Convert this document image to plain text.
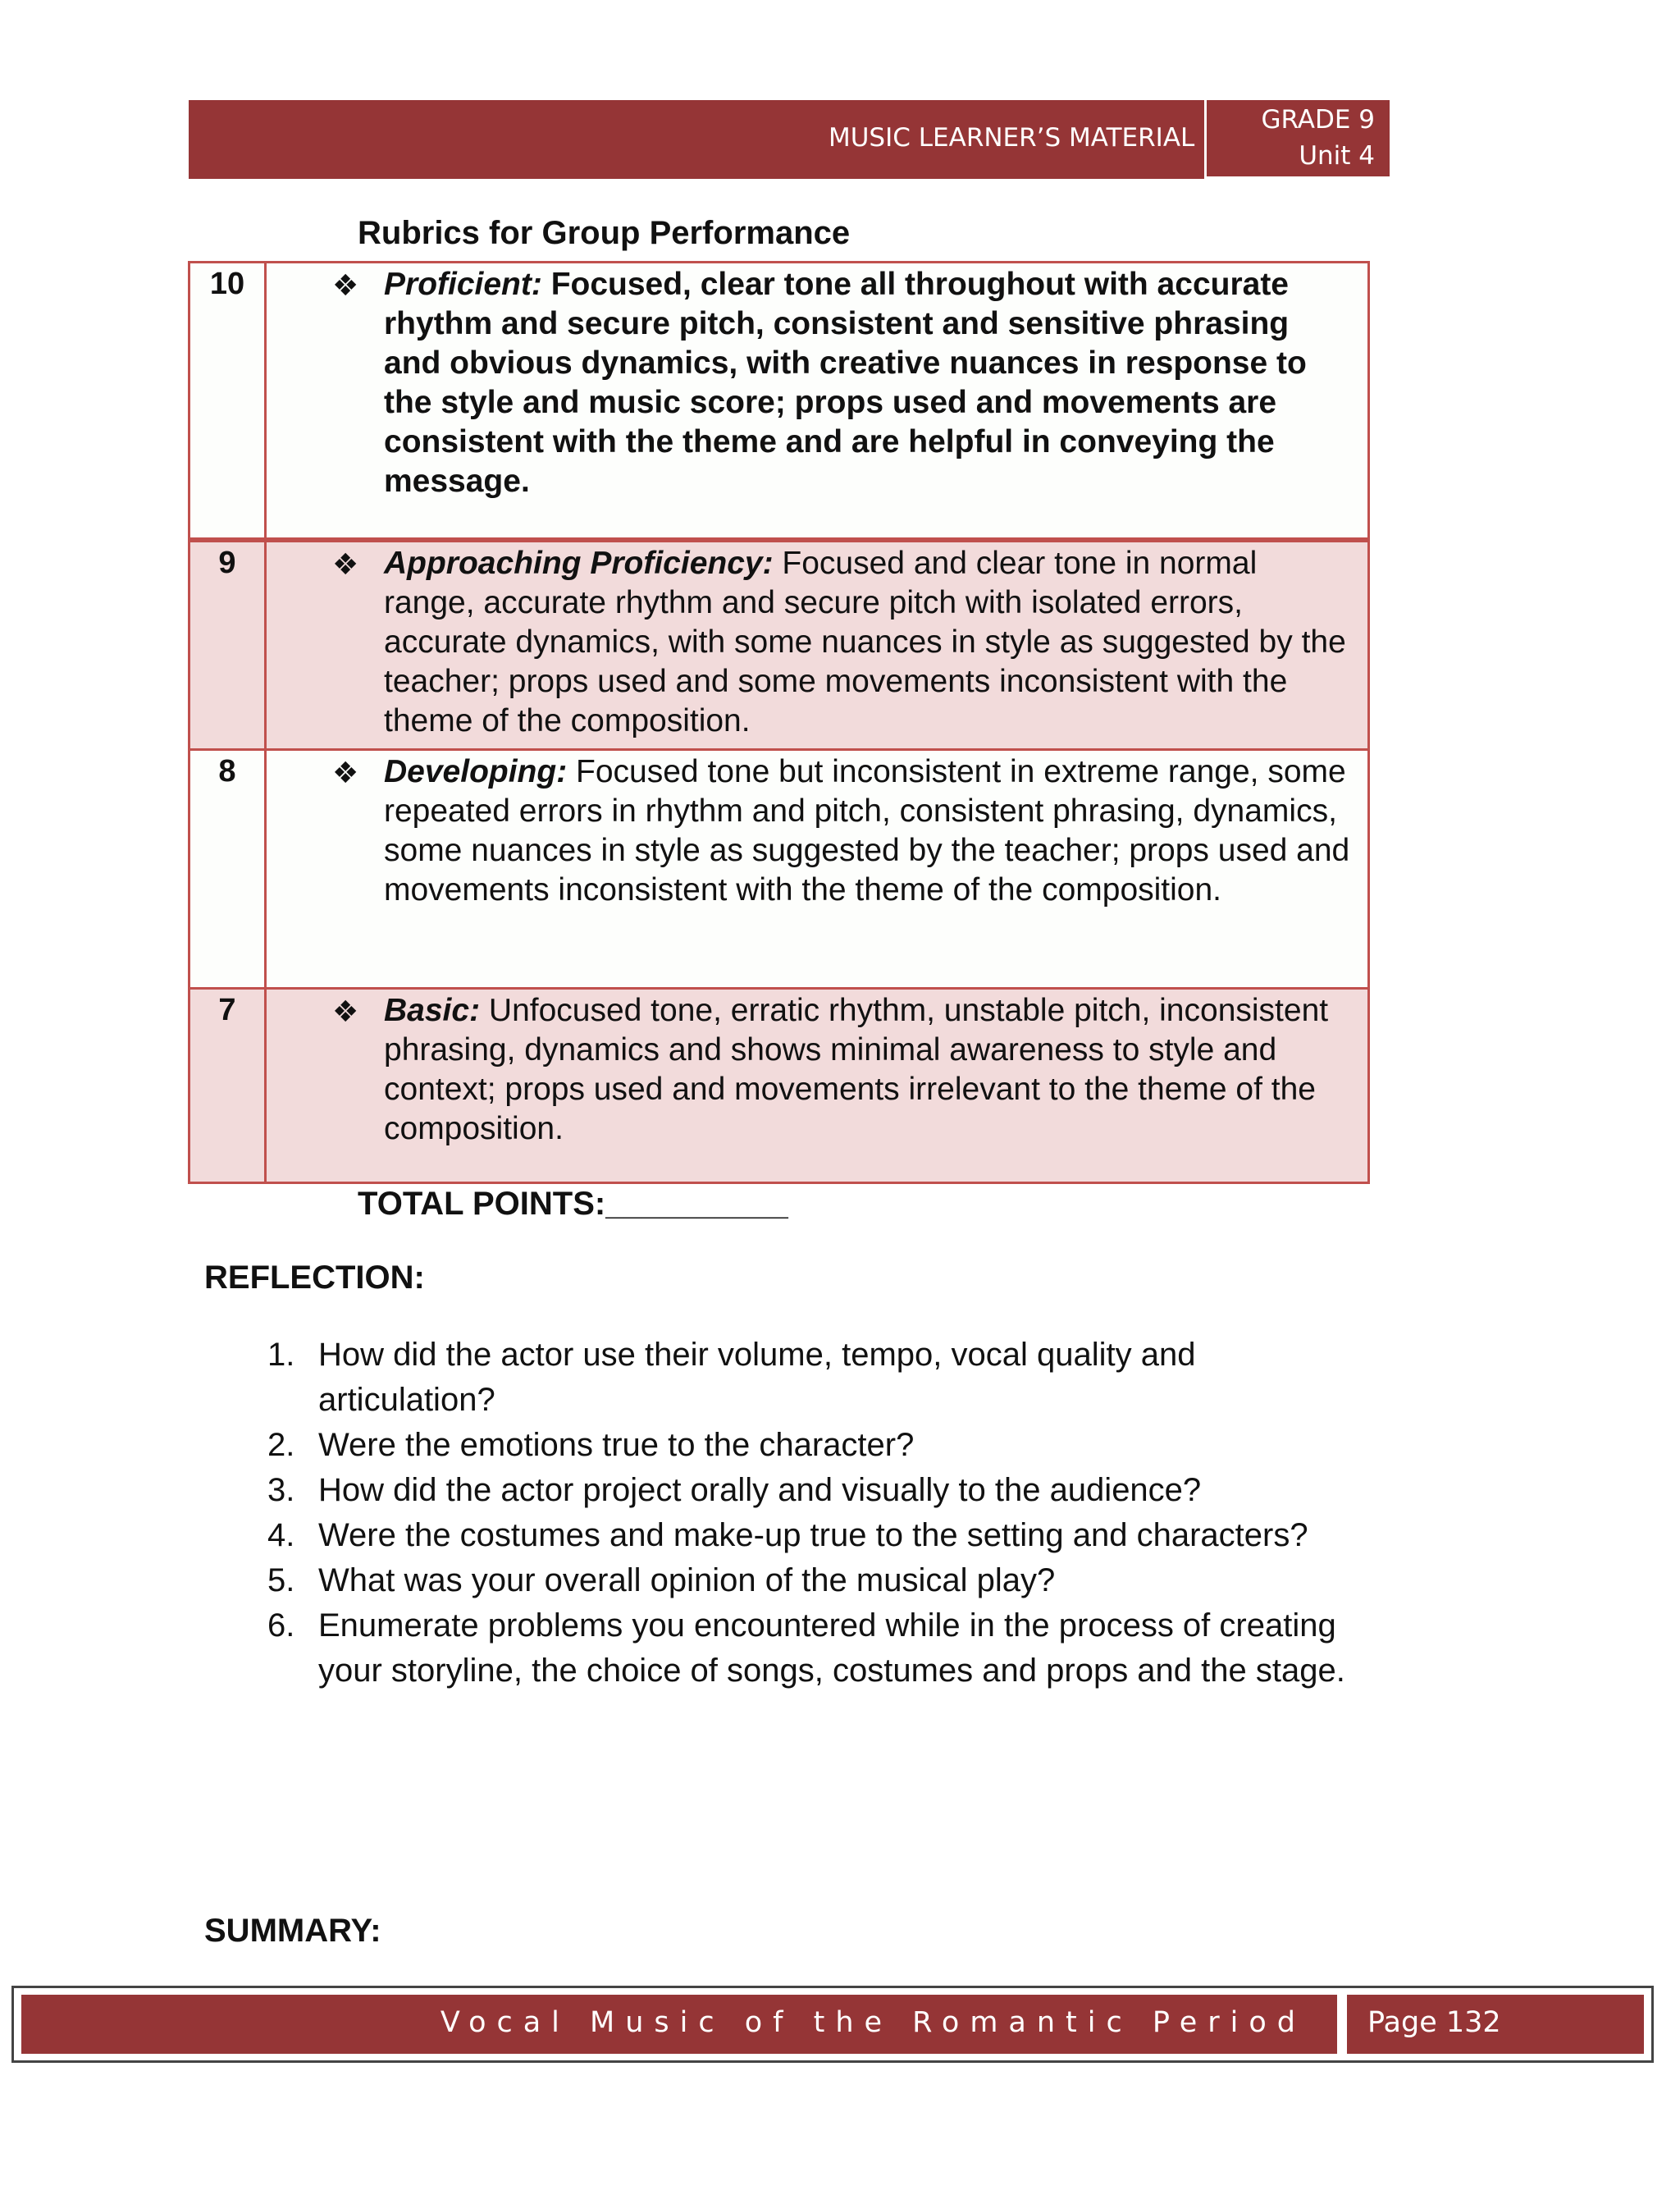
MUSIC LEARNER’S MATERIAL
GRADE 9
Unit 4
Rubrics for Group Performance
10	❖ Proficient: Focused, clear tone all throughout with accurate rhythm and secure pitch, consistent and sensitive phrasing and obvious dynamics, with creative nuances in response to the style and music score; props used and movements are consistent with the theme and are helpful in conveying the message.

9	❖ Approaching Proficiency: Focused and clear tone in normal range, accurate rhythm and secure pitch with isolated errors, accurate dynamics, with some nuances in style as suggested by the teacher; props used and some movements inconsistent with the theme of the composition.

8	❖ Developing: Focused tone but inconsistent in extreme range, some repeated errors in rhythm and pitch, consistent phrasing, dynamics, some nuances in style as suggested by the teacher; props used and movements inconsistent with the theme of the composition.

7	❖ Basic: Unfocused tone, erratic rhythm, unstable pitch, inconsistent phrasing, dynamics and shows minimal awareness to style and context; props used and movements irrelevant to the theme of the composition.
TOTAL POINTS:__________
REFLECTION:
1. How did the actor use their volume, tempo, vocal quality and articulation?
2. Were the emotions true to the character?
3. How did the actor project orally and visually to the audience?
4. Were the costumes and make-up true to the setting and characters?
5. What was your overall opinion of the musical play?
6. Enumerate problems you encountered while in the process of creating your storyline, the choice of songs, costumes and props and the stage.
SUMMARY:
Vocal Music of the Romantic Period Page 132
